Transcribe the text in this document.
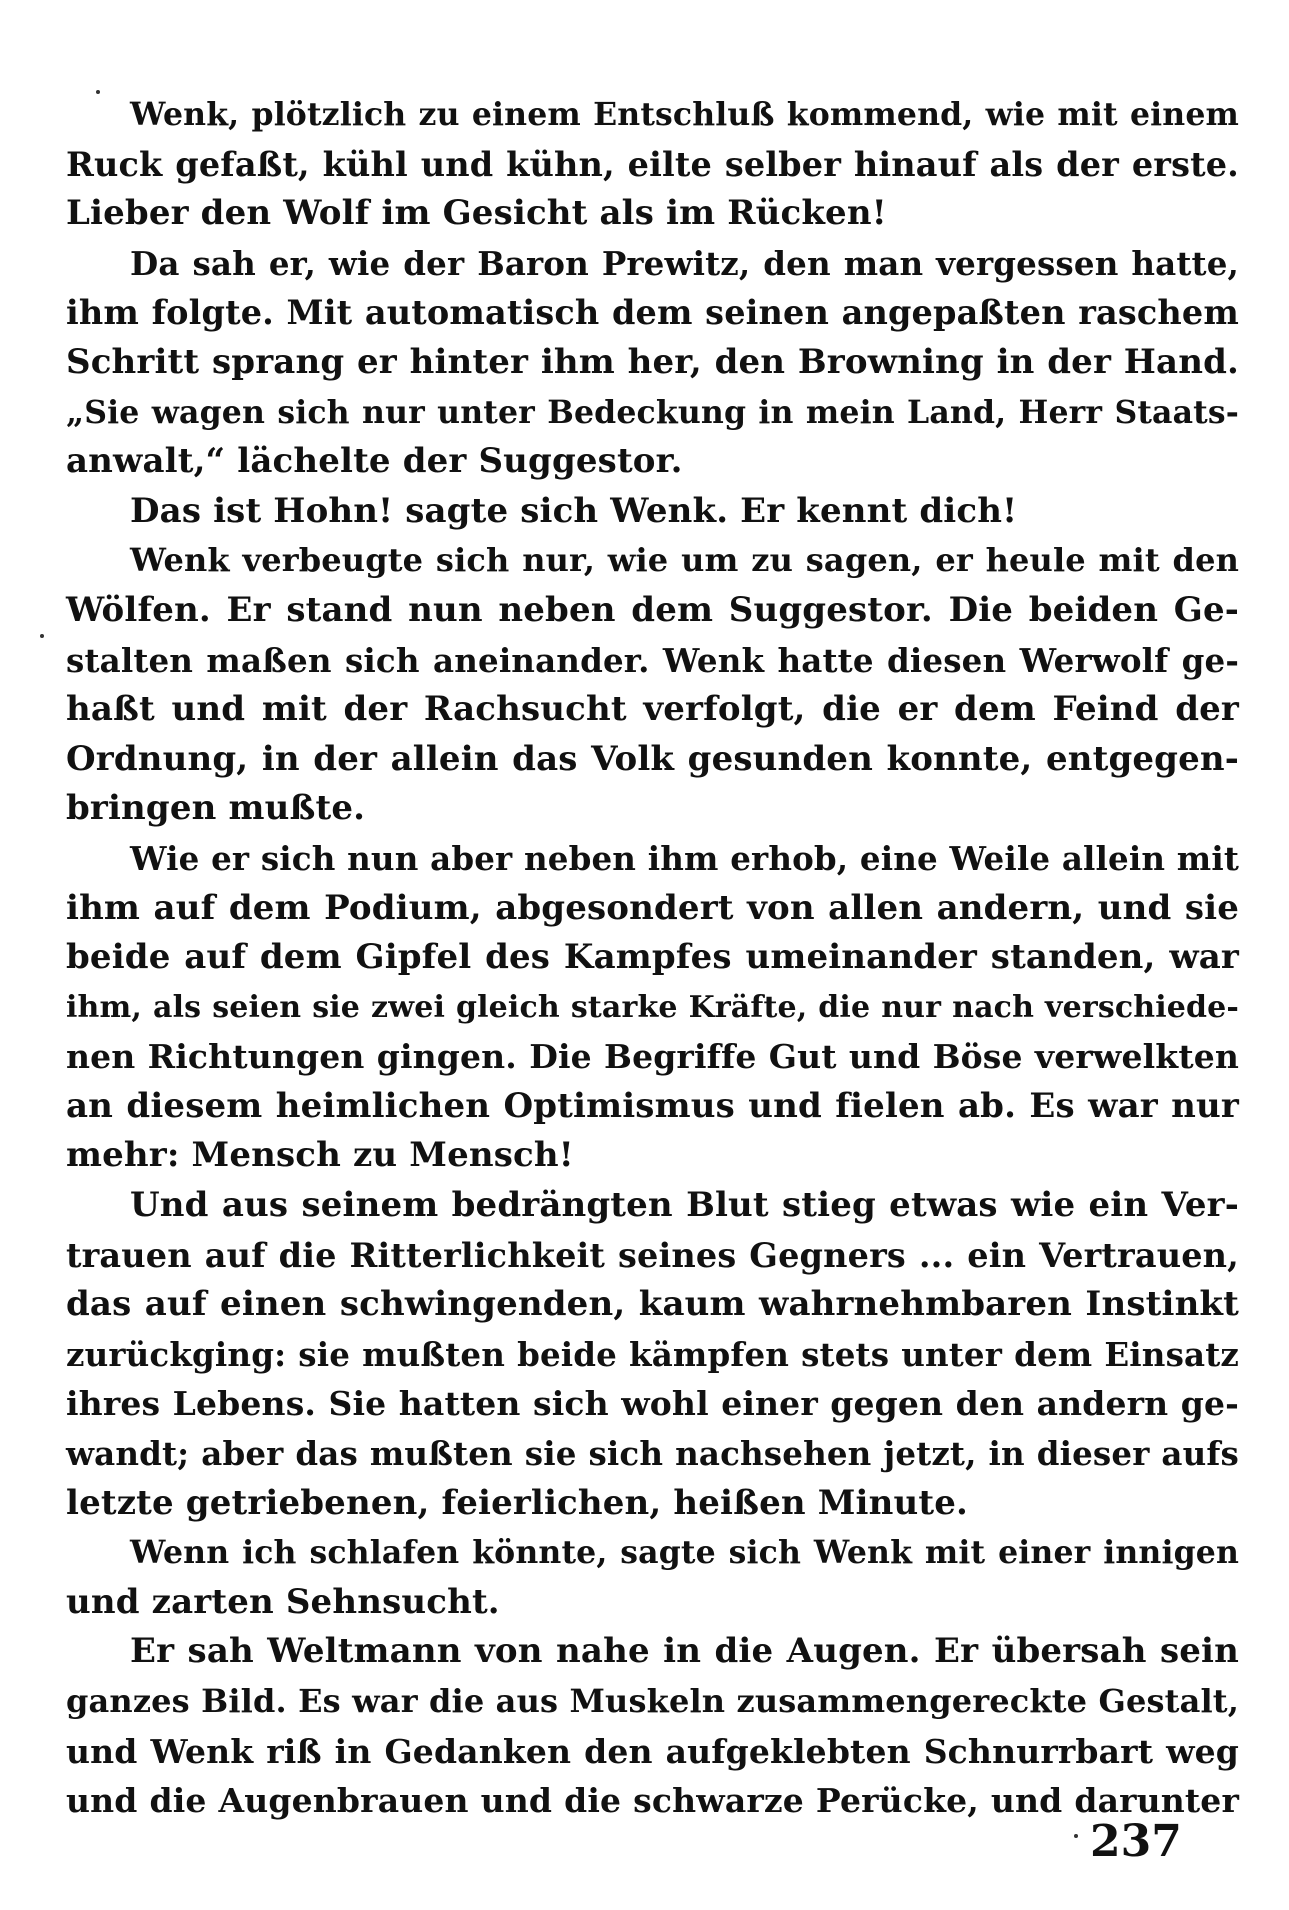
Wenk, plötzlich zu einem Entschluß kommend, wie mit einem
Ruck gefaßt, kühl und kühn, eilte selber hinauf als der erste.
Lieber den Wolf im Gesicht als im Rücken!
Da sah er, wie der Baron Prewitz, den man vergessen hatte,
ihm folgte. Mit automatisch dem seinen angepaßten raschem
Schritt sprang er hinter ihm her, den Browning in der Hand.
„Sie wagen sich nur unter Bedeckung in mein Land, Herr Staats-
anwalt,“ lächelte der Suggestor.
Das ist Hohn! sagte sich Wenk. Er kennt dich!
Wenk verbeugte sich nur, wie um zu sagen, er heule mit den
Wölfen. Er stand nun neben dem Suggestor. Die beiden Ge-
stalten maßen sich aneinander. Wenk hatte diesen Werwolf ge-
haßt und mit der Rachsucht verfolgt, die er dem Feind der
Ordnung, in der allein das Volk gesunden konnte, entgegen-
bringen mußte.
Wie er sich nun aber neben ihm erhob, eine Weile allein mit
ihm auf dem Podium, abgesondert von allen andern, und sie
beide auf dem Gipfel des Kampfes umeinander standen, war
ihm, als seien sie zwei gleich starke Kräfte, die nur nach verschiede-
nen Richtungen gingen. Die Begriffe Gut und Böse verwelkten
an diesem heimlichen Optimismus und fielen ab. Es war nur
mehr: Mensch zu Mensch!
Und aus seinem bedrängten Blut stieg etwas wie ein Ver-
trauen auf die Ritterlichkeit seines Gegners ... ein Vertrauen,
das auf einen schwingenden, kaum wahrnehmbaren Instinkt
zurückging: sie mußten beide kämpfen stets unter dem Einsatz
ihres Lebens. Sie hatten sich wohl einer gegen den andern ge-
wandt; aber das mußten sie sich nachsehen jetzt, in dieser aufs
letzte getriebenen, feierlichen, heißen Minute.
Wenn ich schlafen könnte, sagte sich Wenk mit einer innigen
und zarten Sehnsucht.
Er sah Weltmann von nahe in die Augen. Er übersah sein
ganzes Bild. Es war die aus Muskeln zusammengereckte Gestalt,
und Wenk riß in Gedanken den aufgeklebten Schnurrbart weg
und die Augenbrauen und die schwarze Perücke, und darunter
237
